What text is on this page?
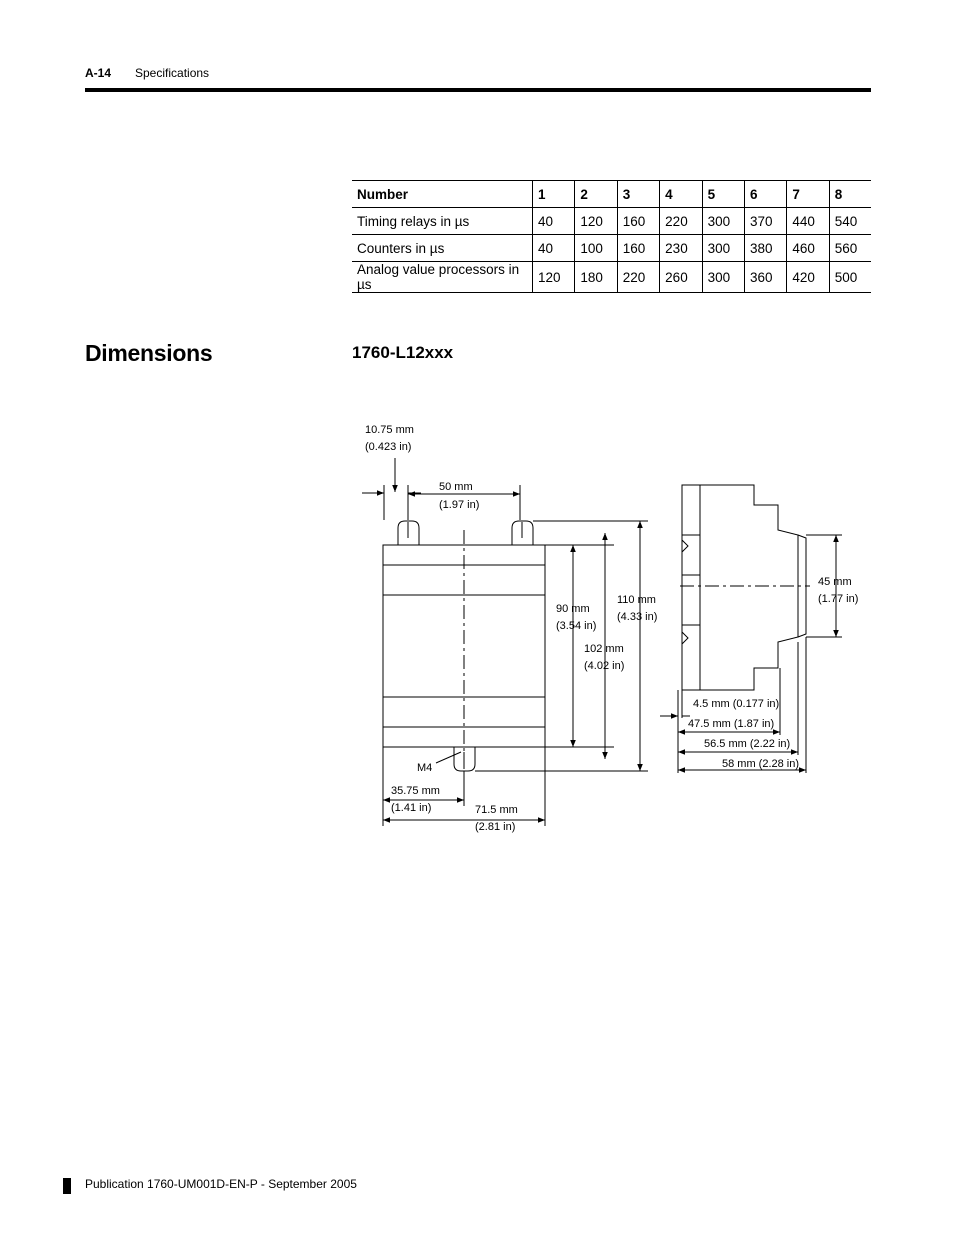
A-14 Specifications
Number	1	2	3	4	5	6	7	8
Timing relays in µs	40	120	160	220	300	370	440	540
Counters in µs	40	100	160	230	300	380	460	560
Analog value processors in µs	120	180	220	260	300	360	420	500
Dimensions	1760-L12xxx
10.75 mm
(0.423 in)
50 mm
(1.97 in)
90 mm
(3.54 in)
110 mm
(4.33 in)
102 mm
(4.02 in)
M4
35.75 mm
(1.41 in)	71.5 mm
(2.81 in)
45 mm
(1.77 in)
4.5 mm (0.177 in)
47.5 mm (1.87 in)
56.5 mm (2.22 in)
58 mm (2.28 in)
Publication 1760-UM001D-EN-P - September 2005
